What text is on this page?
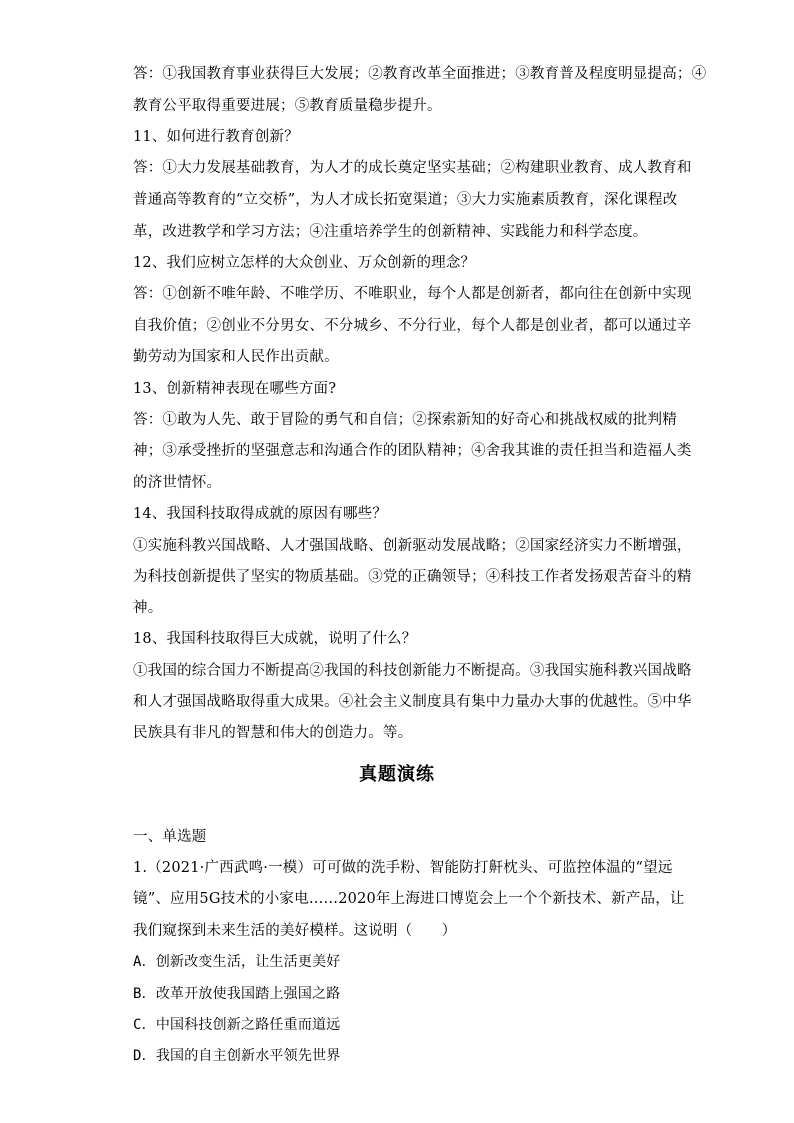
答：①我国教育事业获得巨大发展；②教育改革全面推进；③教育普及程度明显提高；④
教育公平取得重要进展；⑤教育质量稳步提升。
11、如何进行教育创新？
答：①大力发展基础教育，为人才的成长奠定坚实基础；②构建职业教育、成人教育和
普通高等教育的“立交桥”，为人才成长拓宽渠道；③大力实施素质教育，深化课程改
革，改进教学和学习方法；④注重培养学生的创新精神、实践能力和科学态度。
12、我们应树立怎样的大众创业、万众创新的理念？
答：①创新不唯年龄、不唯学历、不唯职业，每个人都是创新者，都向往在创新中实现
自我价值；②创业不分男女、不分城乡、不分行业，每个人都是创业者，都可以通过辛
勤劳动为国家和人民作出贡献。
13、创新精神表现在哪些方面?
答：①敢为人先、敢于冒险的勇气和自信；②探索新知的好奇心和挑战权威的批判精
神；③承受挫折的坚强意志和沟通合作的团队精神；④舍我其谁的责任担当和造福人类
的济世情怀。
14、我国科技取得成就的原因有哪些？
①实施科教兴国战略、人才强国战略、创新驱动发展战略；②国家经济实力不断增强，
为科技创新提供了坚实的物质基础。③党的正确领导；④科技工作者发扬艰苦奋斗的精
神。
18、我国科技取得巨大成就，说明了什么？
①我国的综合国力不断提高②我国的科技创新能力不断提高。③我国实施科教兴国战略
和人才强国战略取得重大成果。④社会主义制度具有集中力量办大事的优越性。⑤中华
民族具有非凡的智慧和伟大的创造力。等。
真题演练
一、单选题
1.（2021·广西武鸣·一模）可可做的洗手粉、智能防打鼾枕头、可监控体温的“望远
镜”、应用5G技术的小家电……2020年上海进口博览会上一个个新技术、新产品，让
我们窥探到未来生活的美好模样。这说明（　　）
A．创新改变生活，让生活更美好
B．改革开放使我国踏上强国之路
C．中国科技创新之路任重而道远
D．我国的自主创新水平领先世界
